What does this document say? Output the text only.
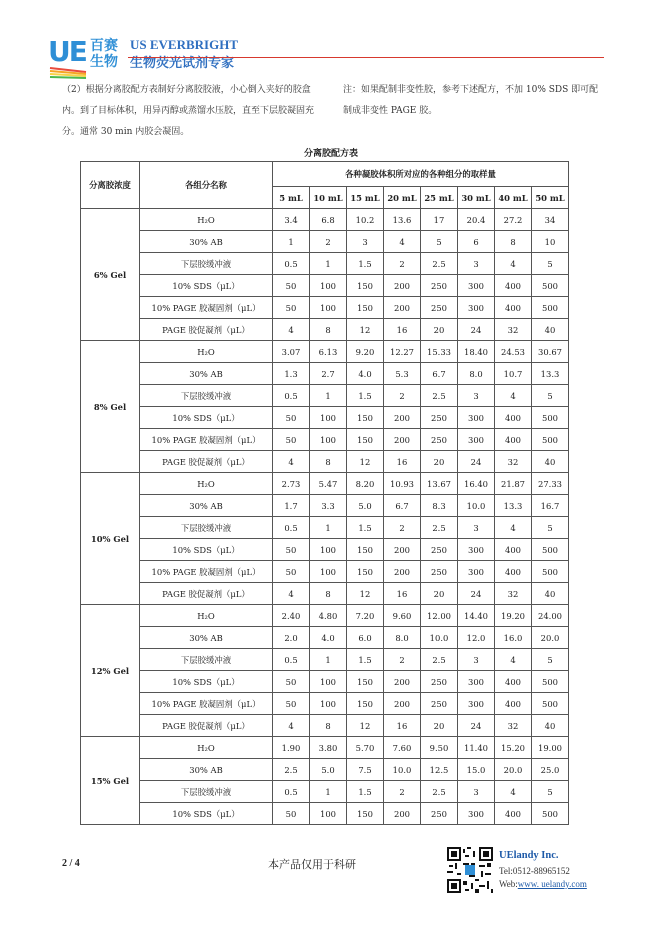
UE 百赛
生物
US EVERBRIGHT
生物荧光试剂专家
（2）根据分离胶配方表制好分离胶胶液，小心倒入夹好的胶盒内。到了目标体积，用异丙醇或蒸馏水压胶，直至下层胶凝固充分。通常 30 min 内胶会凝固。
注：如果配制非变性胶，参考下述配方，不加 10% SDS 即可配制成非变性 PAGE 胶。
分离胶配方表
分离胶浓度	各组分名称	各种凝胶体积所对应的各种组分的取样量							
		5 mL	10 mL	15 mL	20 mL	25 mL	30 mL	40 mL	50 mL
6% Gel	H₂O	3.4	6.8	10.2	13.6	17	20.4	27.2	34
	30% AB	1	2	3	4	5	6	8	10
	下层胶缓冲液	0.5	1	1.5	2	2.5	3	4	5
	10% SDS（μL）	50	100	150	200	250	300	400	500
	10% PAGE 胶凝固剂（μL）	50	100	150	200	250	300	400	500
	PAGE 胶促凝剂（μL）	4	8	12	16	20	24	32	40
8% Gel	H₂O	3.07	6.13	9.20	12.27	15.33	18.40	24.53	30.67
	30% AB	1.3	2.7	4.0	5.3	6.7	8.0	10.7	13.3
	下层胶缓冲液	0.5	1	1.5	2	2.5	3	4	5
	10% SDS（μL）	50	100	150	200	250	300	400	500
	10% PAGE 胶凝固剂（μL）	50	100	150	200	250	300	400	500
	PAGE 胶促凝剂（μL）	4	8	12	16	20	24	32	40
10% Gel	H₂O	2.73	5.47	8.20	10.93	13.67	16.40	21.87	27.33
	30% AB	1.7	3.3	5.0	6.7	8.3	10.0	13.3	16.7
	下层胶缓冲液	0.5	1	1.5	2	2.5	3	4	5
	10% SDS（μL）	50	100	150	200	250	300	400	500
	10% PAGE 胶凝固剂（μL）	50	100	150	200	250	300	400	500
	PAGE 胶促凝剂（μL）	4	8	12	16	20	24	32	40
12% Gel	H₂O	2.40	4.80	7.20	9.60	12.00	14.40	19.20	24.00
	30% AB	2.0	4.0	6.0	8.0	10.0	12.0	16.0	20.0
	下层胶缓冲液	0.5	1	1.5	2	2.5	3	4	5
	10% SDS（μL）	50	100	150	200	250	300	400	500
	10% PAGE 胶凝固剂（μL）	50	100	150	200	250	300	400	500
	PAGE 胶促凝剂（μL）	4	8	12	16	20	24	32	40
15% Gel	H₂O	1.90	3.80	5.70	7.60	9.50	11.40	15.20	19.00
	30% AB	2.5	5.0	7.5	10.0	12.5	15.0	20.0	25.0
	下层胶缓冲液	0.5	1	1.5	2	2.5	3	4	5
	10% SDS（μL）	50	100	150	200	250	300	400	500
2 / 4	本产品仅用于科研
UElandy Inc.
Tel:0512-88965152
Web:www. uelandy.com
